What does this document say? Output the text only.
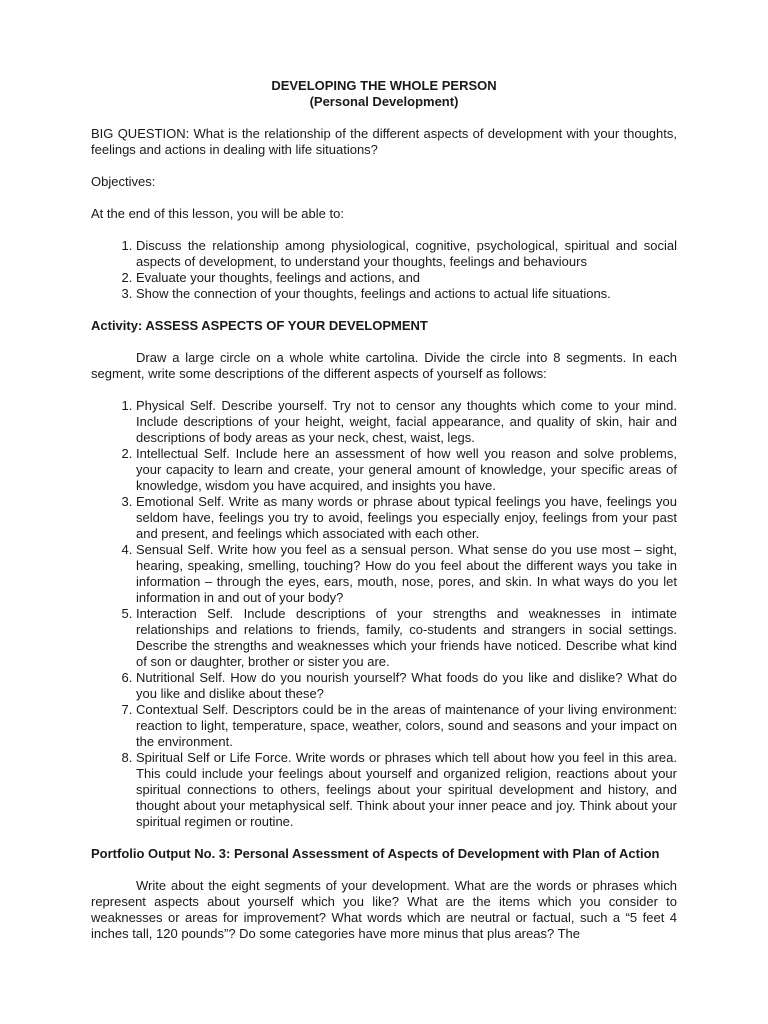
DEVELOPING THE WHOLE PERSON
(Personal Development)

BIG QUESTION: What is the relationship of the different aspects of development with your thoughts, feelings and actions in dealing with life situations?

Objectives:

At the end of this lesson, you will be able to:

1. Discuss the relationship among physiological, cognitive, psychological, spiritual and social aspects of development, to understand your thoughts, feelings and behaviours
2. Evaluate your thoughts, feelings and actions, and
3. Show the connection of your thoughts, feelings and actions to actual life situations.

Activity: ASSESS ASPECTS OF YOUR DEVELOPMENT

Draw a large circle on a whole white cartolina. Divide the circle into 8 segments. In each segment, write some descriptions of the different aspects of yourself as follows:

1. Physical Self. Describe yourself. Try not to censor any thoughts which come to your mind. Include descriptions of your height, weight, facial appearance, and quality of skin, hair and descriptions of body areas as your neck, chest, waist, legs.
2. Intellectual Self. Include here an assessment of how well you reason and solve problems, your capacity to learn and create, your general amount of knowledge, your specific areas of knowledge, wisdom you have acquired, and insights you have.
3. Emotional Self. Write as many words or phrase about typical feelings you have, feelings you seldom have, feelings you try to avoid, feelings you especially enjoy, feelings from your past and present, and feelings which associated with each other.
4. Sensual Self. Write how you feel as a sensual person. What sense do you use most – sight, hearing, speaking, smelling, touching? How do you feel about the different ways you take in information – through the eyes, ears, mouth, nose, pores, and skin. In what ways do you let information in and out of your body?
5. Interaction Self. Include descriptions of your strengths and weaknesses in intimate relationships and relations to friends, family, co-students and strangers in social settings. Describe the strengths and weaknesses which your friends have noticed. Describe what kind of son or daughter, brother or sister you are.
6. Nutritional Self. How do you nourish yourself? What foods do you like and dislike? What do you like and dislike about these?
7. Contextual Self. Descriptors could be in the areas of maintenance of your living environment: reaction to light, temperature, space, weather, colors, sound and seasons and your impact on the environment.
8. Spiritual Self or Life Force. Write words or phrases which tell about how you feel in this area. This could include your feelings about yourself and organized religion, reactions about your spiritual connections to others, feelings about your spiritual development and history, and thought about your metaphysical self. Think about your inner peace and joy. Think about your spiritual regimen or routine.

Portfolio Output No. 3: Personal Assessment of Aspects of Development with Plan of Action

Write about the eight segments of your development. What are the words or phrases which represent aspects about yourself which you like? What are the items which you consider to weaknesses or areas for improvement? What words which are neutral or factual, such a “5 feet 4 inches tall, 120 pounds”? Do some categories have more minus that plus areas? The
